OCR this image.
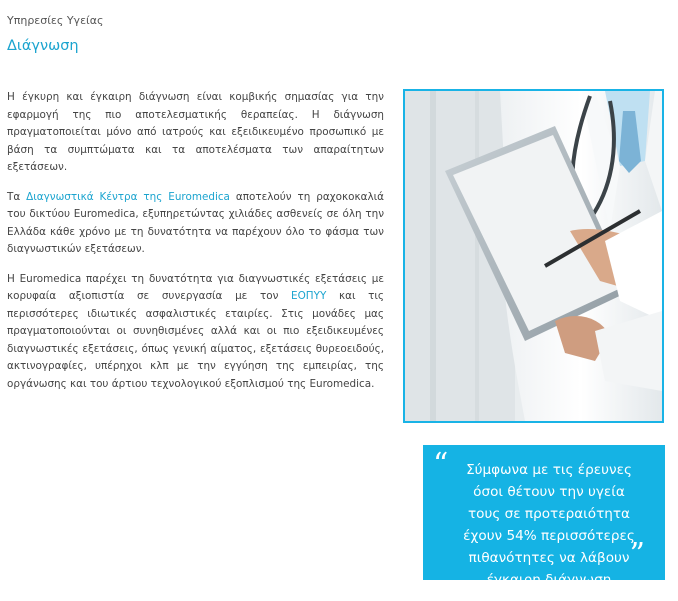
Υπηρεσίες Υγείας
Διάγνωση

Η έγκυρη και έγκαιρη διάγνωση είναι κομβικής σημασίας για την εφαρμογή της πιο αποτελεσματικής θεραπείας. Η διάγνωση πραγματοποιείται μόνο από ιατρούς και εξειδικευμένο προσωπικό με βάση τα συμπτώματα και τα αποτελέσματα των απαραίτητων εξετάσεων.

Τα Διαγνωστικά Κέντρα της Euromedica αποτελούν τη ραχοκοκαλιά του δικτύου Euromedica, εξυπηρετώντας χιλιάδες ασθενείς σε όλη την Ελλάδα κάθε χρόνο με τη δυνατότητα να παρέχουν όλο το φάσμα των διαγνωστικών εξετάσεων.

Η Euromedica παρέχει τη δυνατότητα για διαγνωστικές εξετάσεις με κορυφαία αξιοπιστία σε συνεργασία με τον ΕΟΠΥΥ και τις περισσότερες ιδιωτικές ασφαλιστικές εταιρίες. Στις μονάδες μας πραγματοποιούνται οι συνηθισμένες αλλά και οι πιο εξειδικευμένες διαγνωστικές εξετάσεις, όπως γενική αίματος, εξετάσεις θυρεοειδούς, ακτινογραφίες, υπέρηχοι κλπ με την εγγύηση της εμπειρίας, της οργάνωσης και του άρτιου τεχνολογικού εξοπλισμού της Euromedica.

“	Σύμφωνα με τις έρευνες όσοι θέτουν την υγεία τους σε προτεραιότητα έχουν 54% περισσότερες πιθανότητες να λάβουν έγκαιρη διάγνωση
”
